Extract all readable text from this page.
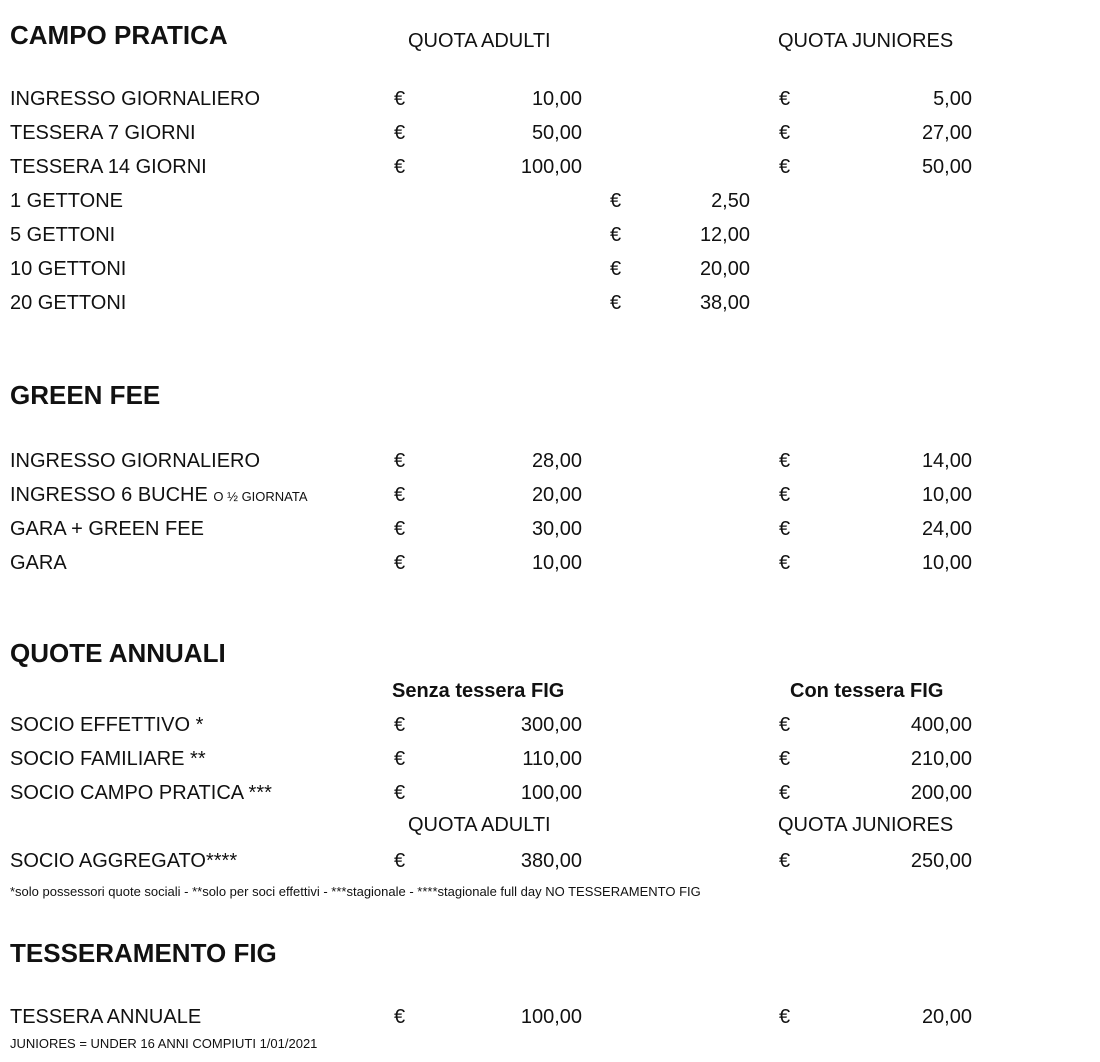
CAMPO PRATICA	QUOTA ADULTI	QUOTA JUNIORES
INGRESSO GIORNALIERO	€	10,00	€	5,00
TESSERA 7 GIORNI	€	50,00	€	27,00
TESSERA 14 GIORNI	€	100,00	€	50,00
1 GETTONE	€	2,50
5 GETTONI	€	12,00
10 GETTONI	€	20,00
20 GETTONI	€	38,00
GREEN FEE
INGRESSO GIORNALIERO	€	28,00	€	14,00
INGRESSO 6 BUCHE O ½ GIORNATA	€	20,00	€	10,00
GARA + GREEN FEE	€	30,00	€	24,00
GARA	€	10,00	€	10,00
QUOTE ANNUALI
Senza tessera FIG	Con tessera FIG
SOCIO EFFETTIVO *	€	300,00	€	400,00
SOCIO FAMILIARE **	€	110,00	€	210,00
SOCIO CAMPO PRATICA ***	€	100,00	€	200,00
QUOTA ADULTI	QUOTA JUNIORES
SOCIO AGGREGATO****	€	380,00	€	250,00
*solo possessori quote sociali - **solo per soci effettivi - ***stagionale - ****stagionale full day NO TESSERAMENTO FIG
TESSERAMENTO FIG
TESSERA ANNUALE	€	100,00	€	20,00
JUNIORES = UNDER 16 ANNI COMPIUTI 1/01/2021
